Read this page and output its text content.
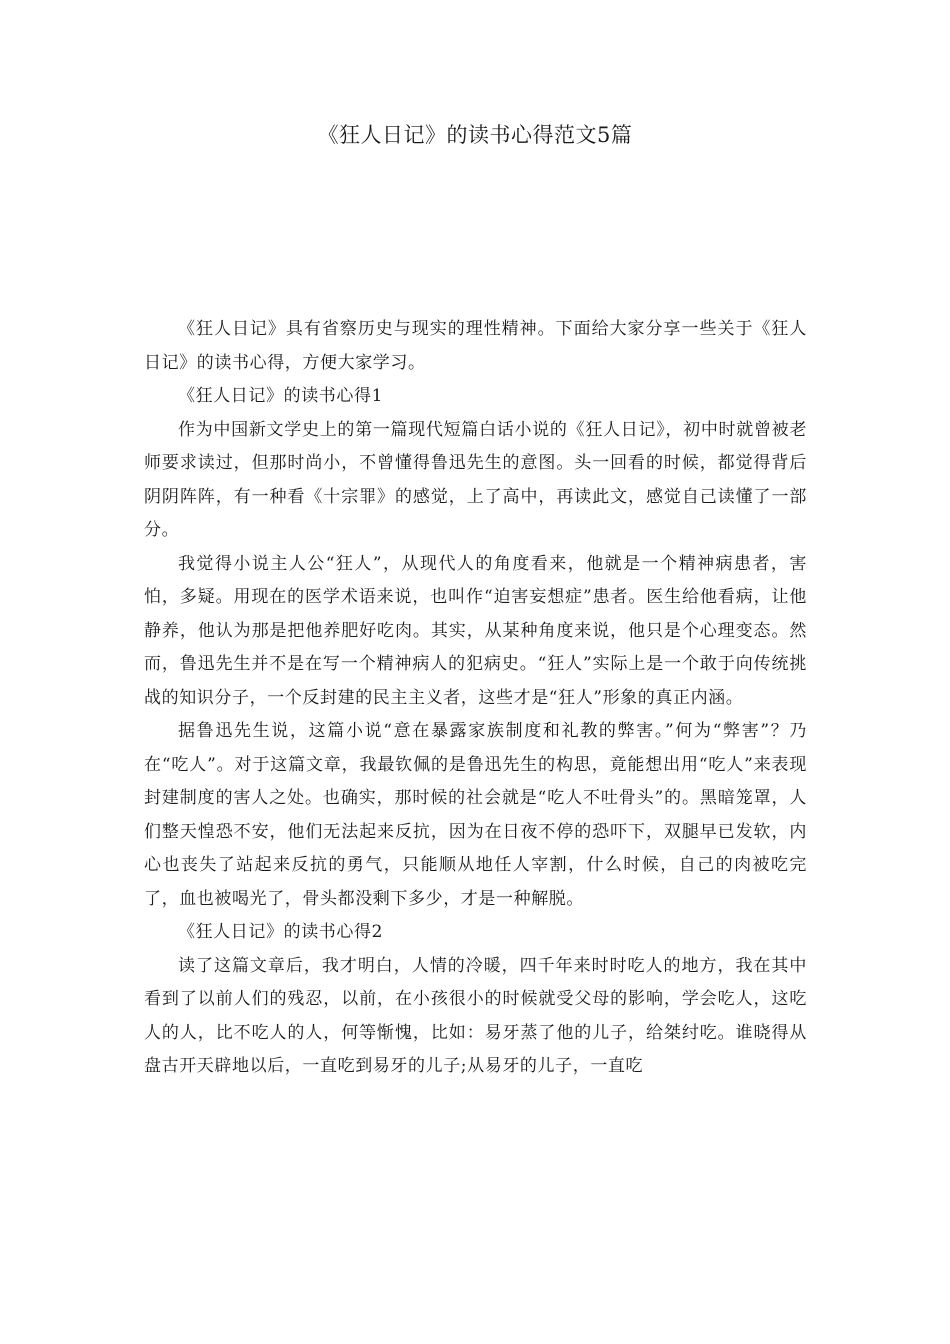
《狂人日记》的读书心得范文5篇

《狂人日记》具有省察历史与现实的理性精神。下面给大家分享一些关于《狂人日记》的读书心得，方便大家学习。

《狂人日记》的读书心得1

作为中国新文学史上的第一篇现代短篇白话小说的《狂人日记》，初中时就曾被老师要求读过，但那时尚小，不曾懂得鲁迅先生的意图。头一回看的时候，都觉得背后阴阴阵阵，有一种看《十宗罪》的感觉，上了高中，再读此文，感觉自己读懂了一部分。

我觉得小说主人公“狂人”，从现代人的角度看来，他就是一个精神病患者，害怕，多疑。用现在的医学术语来说，也叫作“迫害妄想症”患者。医生给他看病，让他静养，他认为那是把他养肥好吃肉。其实，从某种角度来说，他只是个心理变态。然而，鲁迅先生并不是在写一个精神病人的犯病史。“狂人”实际上是一个敢于向传统挑战的知识分子，一个反封建的民主主义者，这些才是“狂人”形象的真正内涵。

据鲁迅先生说，这篇小说“意在暴露家族制度和礼教的弊害。”何为“弊害”？乃在“吃人”。对于这篇文章，我最钦佩的是鲁迅先生的构思，竟能想出用“吃人”来表现封建制度的害人之处。也确实，那时候的社会就是“吃人不吐骨头”的。黑暗笼罩，人们整天惶恐不安，他们无法起来反抗，因为在日夜不停的恐吓下，双腿早已发软，内心也丧失了站起来反抗的勇气，只能顺从地任人宰割，什么时候，自己的肉被吃完了，血也被喝光了，骨头都没剩下多少，才是一种解脱。

《狂人日记》的读书心得2

读了这篇文章后，我才明白，人情的冷暖，四千年来时时吃人的地方，我在其中看到了以前人们的残忍，以前，在小孩很小的时候就受父母的影响，学会吃人，这吃人的人，比不吃人的人，何等惭愧，比如：易牙蒸了他的儿子，给桀纣吃。谁晓得从盘古开天辟地以后，一直吃到易牙的儿子;从易牙的儿子，一直吃
